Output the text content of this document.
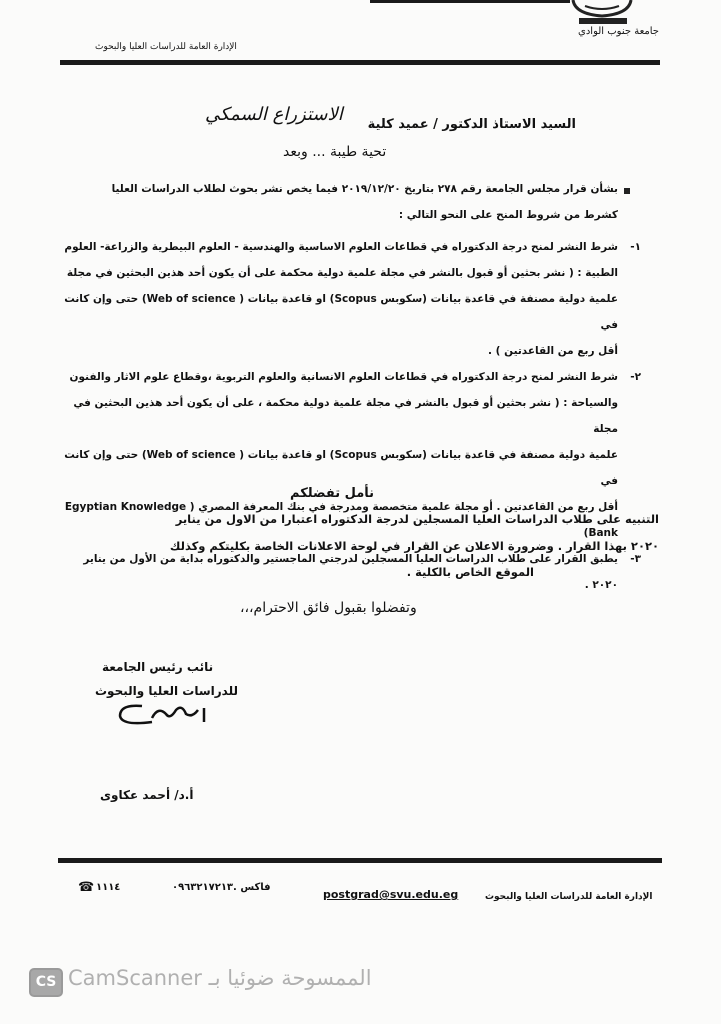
جامعة جنوب الوادي
الإدارة العامة للدراسات العليا والبحوث
السيد الاستاذ الدكتور / عميد كلية
الاستزراع السمكي
تحية طيبة ... وبعد
بشأن قرار مجلس الجامعة رقم ٢٧٨ بتاريخ ٢٠١٩/١٢/٢٠ فيما يخص نشر بحوث لطلاب الدراسات العليا
كشرط من شروط المنح على النحو التالي :
١-
شرط النشر لمنح درجة الدكتوراه في قطاعات العلوم الاساسية والهندسية - العلوم البيطرية والزراعة- العلوم
الطبية : ( نشر بحثين أو قبول بالنشر في مجلة علمية دولية محكمة على أن يكون أحد هذين البحثين في مجلة
علمية دولية مصنفة في قاعدة بيانات (سكوبس Scopus) او قاعدة بيانات ( Web of science) حتى وإن كانت في
أقل ربع من القاعدتين ) .
٢-
شرط النشر لمنح درجة الدكتوراه في قطاعات العلوم الانسانية والعلوم التربوية ،وقطاع علوم الاثار والفنون
والسياحة : ( نشر بحثين أو قبول بالنشر في مجلة علمية دولية محكمة ، على أن يكون أحد هذين البحثين في مجلة
علمية دولية مصنفة في قاعدة بيانات (سكوبس Scopus) او قاعدة بيانات ( Web of science) حتى وإن كانت في
أقل ربع من القاعدتين . أو مجلة علمية متخصصة ومدرجة في بنك المعرفة المصري ( Egyptian Knowledge Bank)
٣-
يطبق القرار على طلاب الدراسات العليا المسجلين لدرجتي الماجستير والدكتوراه بداية من الأول من يناير ٢٠٢٠ .
نأمل تفضلكم
التنبيه على طلاب الدراسات العليا المسجلين لدرجة الدكتوراه اعتبارا من الاول من يناير
٢٠٢٠ بهذا القرار . وضرورة الاعلان عن القرار في لوحة الاعلانات الخاصة بكليتكم وكذلك
الموقع الخاص بالكلية .
وتفضلوا بقبول فائق الاحترام،،،
نائب رئيس الجامعة
للدراسات العليا والبحوث
أ.د/ أحمد عكاوى
الإدارة العامة للدراسات العليا والبحوث
postgrad@svu.edu.eg
فاكس .٠٩٦٣٢١٧٢١٣
☎ ١١١٤
CS الممسوحة ضوئيا بـ CamScanner
